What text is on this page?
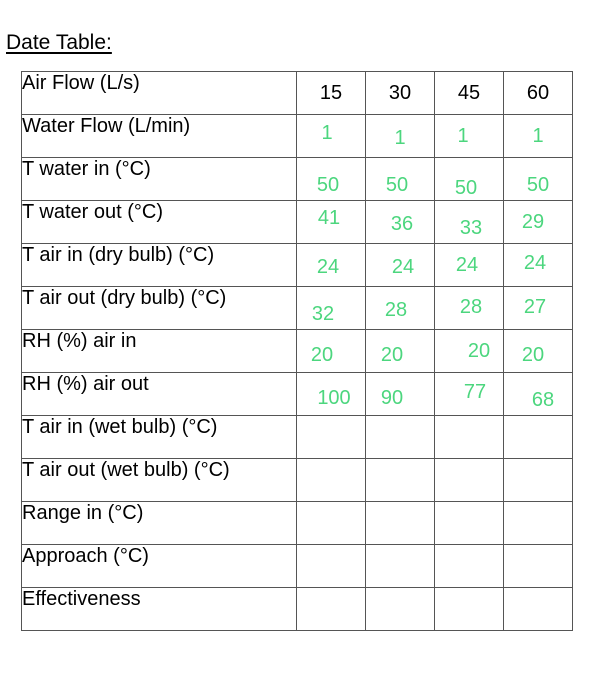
Date Table:
Air Flow (L/s)	15	30	45	60
Water Flow (L/min)	1	1	1	1
T water in (°C)	50	50	50	50
T water out (°C)	41	36	33	29
T air in (dry bulb) (°C)	24	24	24	24
T air out (dry bulb) (°C)	32	28	28	27
RH (%) air in	20	20	20	20
RH (%) air out	100	90	77	68
T air in (wet bulb) (°C)				
T air out (wet bulb) (°C)				
Range in (°C)				
Approach (°C)				
Effectiveness				
